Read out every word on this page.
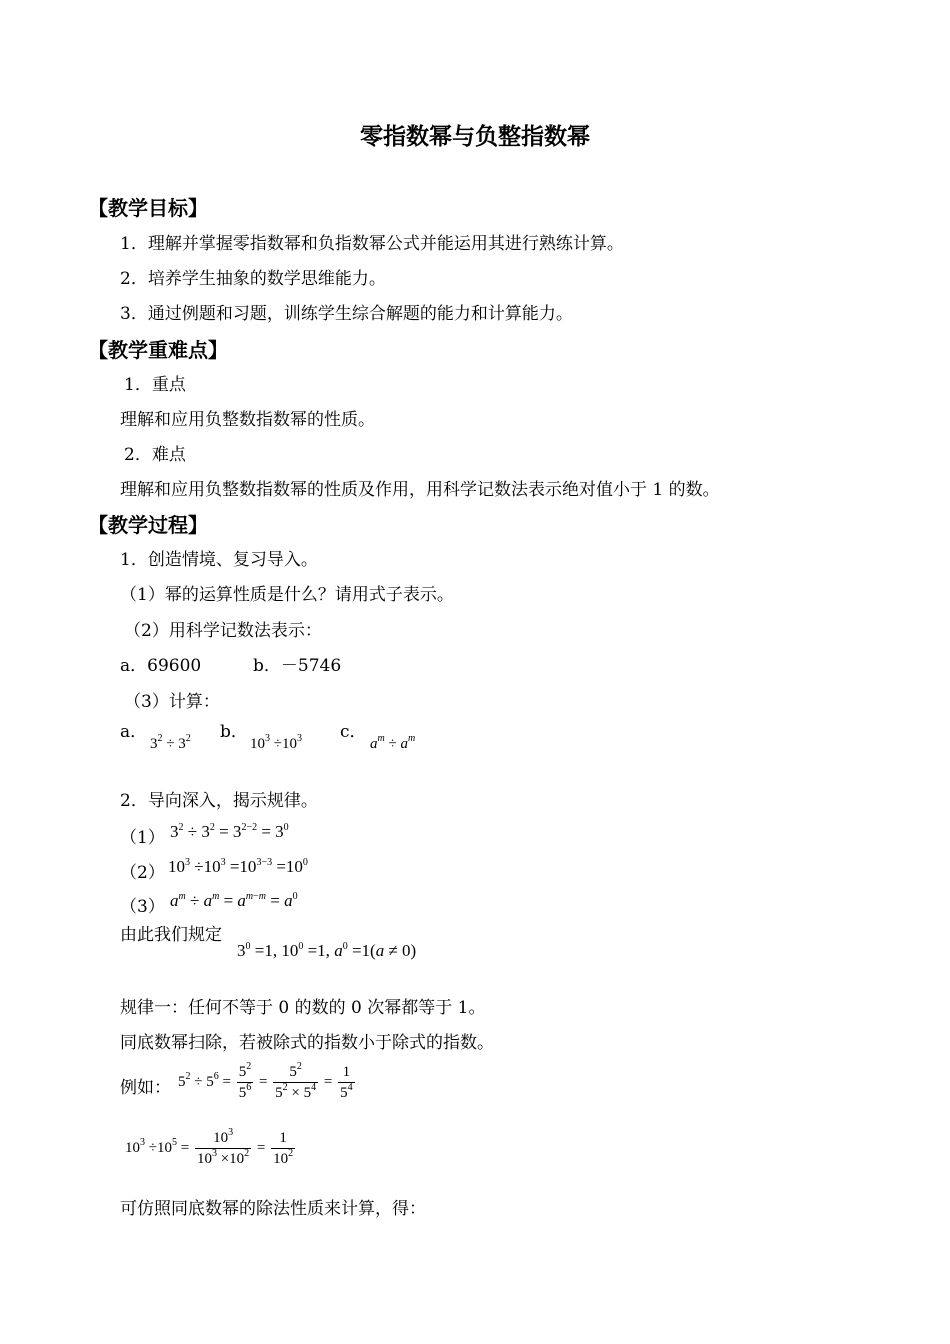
零指数幂与负整指数幂
【教学目标】
1．理解并掌握零指数幂和负指数幂公式并能运用其进行熟练计算。
2．培养学生抽象的数学思维能力。
3．通过例题和习题，训练学生综合解题的能力和计算能力。
【教学重难点】
1．重点
理解和应用负整数指数幂的性质。
2．难点
理解和应用负整数指数幂的性质及作用，用科学记数法表示绝对值小于 1 的数。
【教学过程】
1．创造情境、复习导入。
（1）幂的运算性质是什么？请用式子表示。
（2）用科学记数法表示：
a．69600	b．－5746
（3）计算：
a．	b．	c．
$3^2 \div 3^2$	$10^3 \div 10^3$	$a^m \div a^m$
2．导向深入，揭示规律。
（1） $3^2 \div 3^2 = 3^{2-2} = 3^0$
（2） $10^3 \div 10^3 =10^{3-3} =10^0$
（3） $a^m \div a^m = a^{m-m} = a^0$
由此我们规定
$3^0 =1$, $10^0 =1$, $a^0 =1(a \ne 0)$
规律一：任何不等于 0 的数的 0 次幂都等于 1。
同底数幂扫除，若被除式的指数小于除式的指数。
例如： $5^2 \div 5^6 = \frac{5^2}{5^6} = \frac{5^2}{5^2 \times 5^4} = \frac{1}{5^4}$
$10^3 \div 10^5 = \frac{10^3}{10^3 \times 10^2} = \frac{1}{10^2}$
可仿照同底数幂的除法性质来计算，得：
